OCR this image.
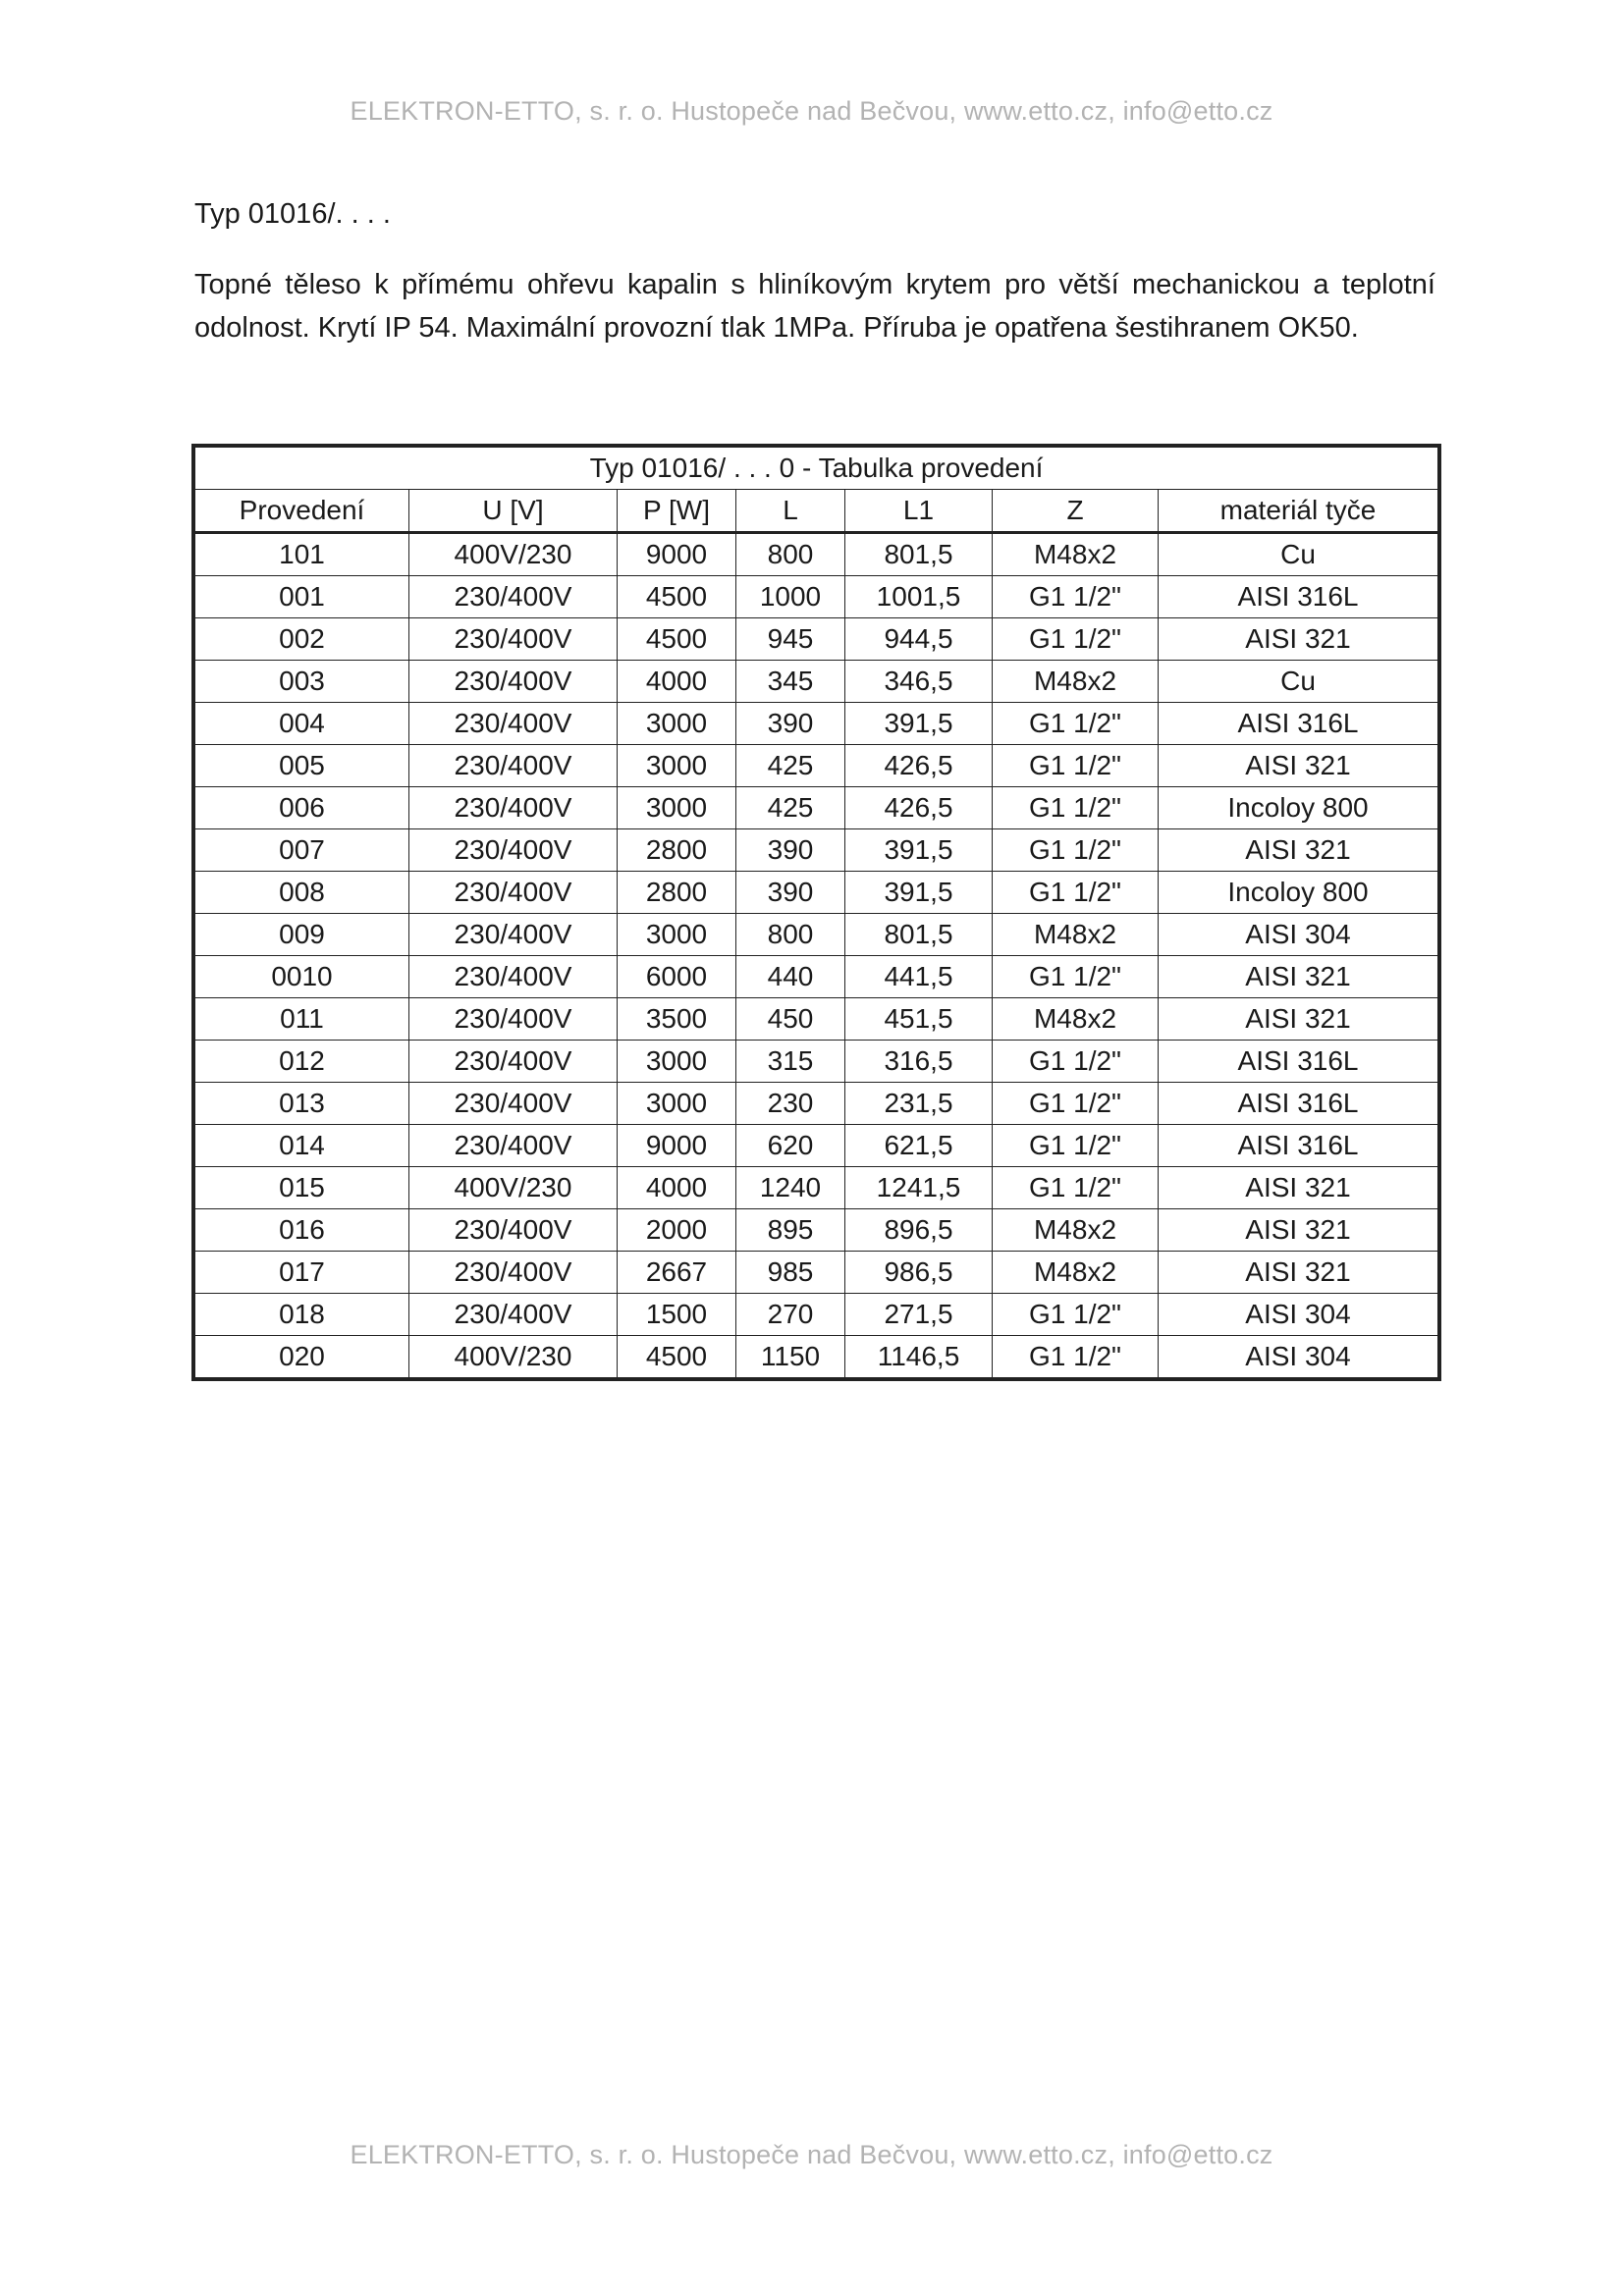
ELEKTRON-ETTO, s. r. o. Hustopeče nad Bečvou, www.etto.cz, info@etto.cz
Typ 01016/. . . .
Topné těleso k přímému ohřevu kapalin s hliníkovým krytem pro větší mechanickou a teplotní odolnost. Krytí IP 54. Maximální provozní tlak 1MPa. Příruba je opatřena šestihranem OK50.
Typ 01016/ . . . 0 - Tabulka provedení						
Provedení	U [V]	P [W]	L	L1	Z	materiál tyče
101	400V/230	9000	800	801,5	M48x2	Cu
001	230/400V	4500	1000	1001,5	G1 1/2"	AISI 316L
002	230/400V	4500	945	944,5	G1 1/2"	AISI 321
003	230/400V	4000	345	346,5	M48x2	Cu
004	230/400V	3000	390	391,5	G1 1/2"	AISI 316L
005	230/400V	3000	425	426,5	G1 1/2"	AISI 321
006	230/400V	3000	425	426,5	G1 1/2"	Incoloy 800
007	230/400V	2800	390	391,5	G1 1/2"	AISI 321
008	230/400V	2800	390	391,5	G1 1/2"	Incoloy 800
009	230/400V	3000	800	801,5	M48x2	AISI 304
0010	230/400V	6000	440	441,5	G1 1/2"	AISI 321
011	230/400V	3500	450	451,5	M48x2	AISI 321
012	230/400V	3000	315	316,5	G1 1/2"	AISI 316L
013	230/400V	3000	230	231,5	G1 1/2"	AISI 316L
014	230/400V	9000	620	621,5	G1 1/2"	AISI 316L
015	400V/230	4000	1240	1241,5	G1 1/2"	AISI 321
016	230/400V	2000	895	896,5	M48x2	AISI 321
017	230/400V	2667	985	986,5	M48x2	AISI 321
018	230/400V	1500	270	271,5	G1 1/2"	AISI 304
020	400V/230	4500	1150	1146,5	G1 1/2"	AISI 304
ELEKTRON-ETTO, s. r. o. Hustopeče nad Bečvou, www.etto.cz, info@etto.cz
